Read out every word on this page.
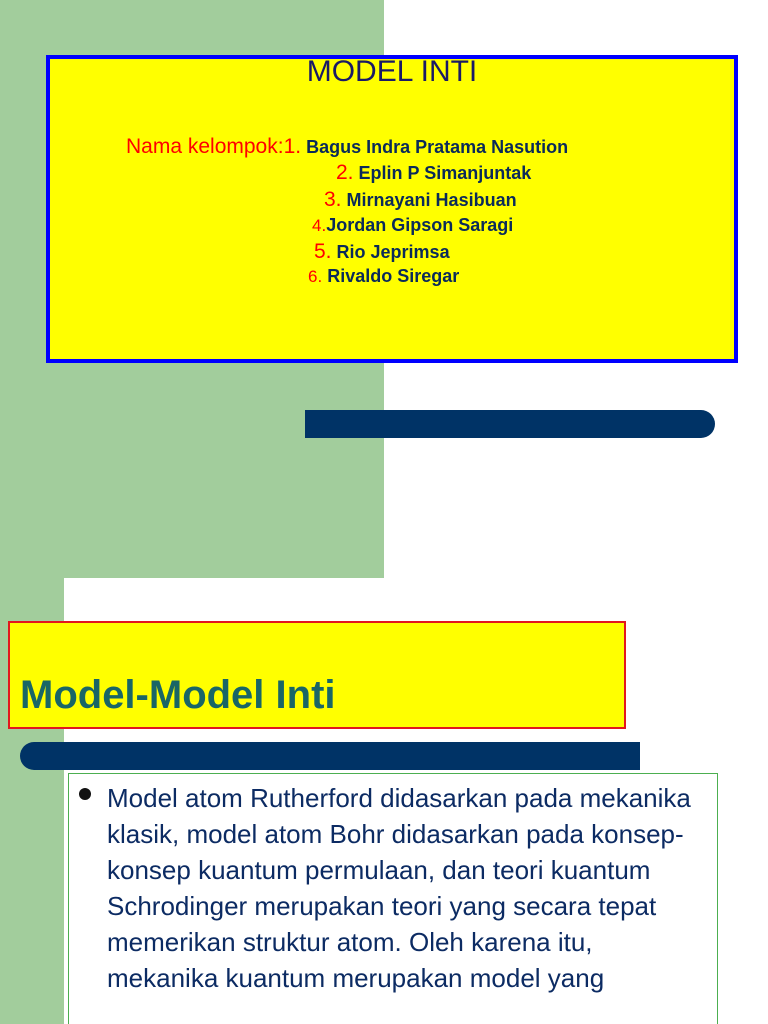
MODEL INTI
Nama kelompok:1. Bagus Indra Pratama Nasution
2. Eplin P Simanjuntak
3. Mirnayani Hasibuan
4.Jordan Gipson Saragi
5. Rio Jeprimsa
6. Rivaldo Siregar
Model-Model Inti
Model atom Rutherford didasarkan pada mekanika klasik, model atom Bohr didasarkan pada konsep-konsep kuantum permulaan, dan teori kuantum Schrodinger merupakan teori yang secara tepat memerikan struktur atom. Oleh karena itu, mekanika kuantum merupakan model yang
